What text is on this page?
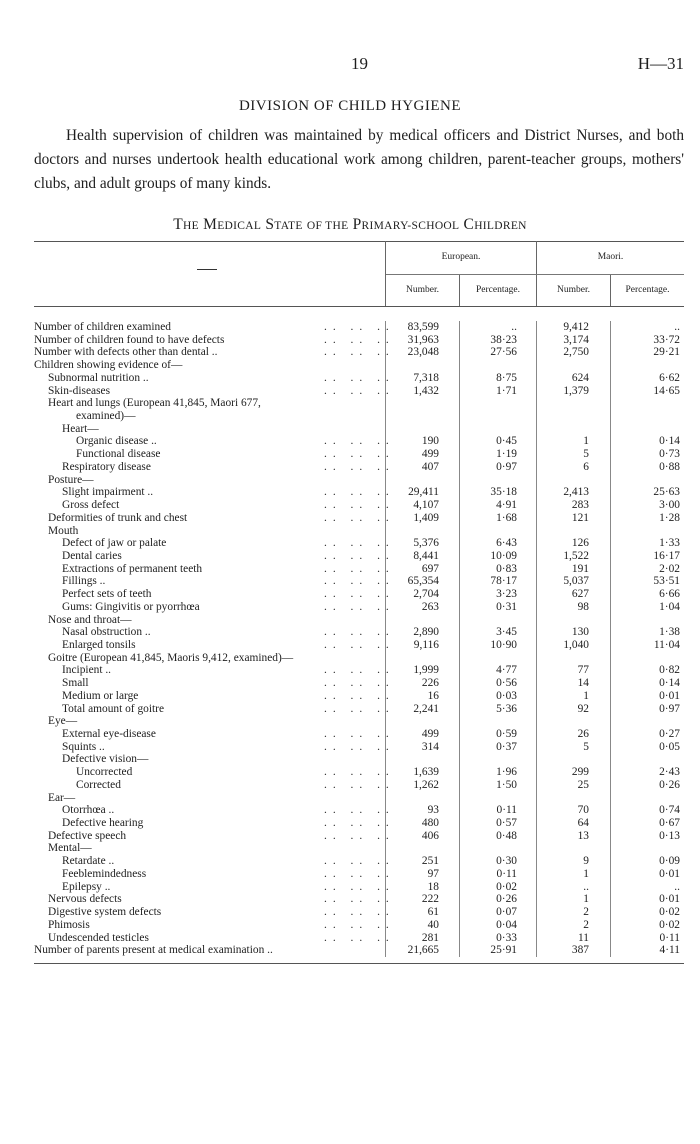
19	H—31
DIVISION OF CHILD HYGIENE
Health supervision of children was maintained by medical officers and District Nurses, and both doctors and nurses undertook health educational work among children, parent-teacher groups, mothers' clubs, and adult groups of many kinds.
THE MEDICAL STATE OF THE PRIMARY-SCHOOL CHILDREN
European.	Maori.
Number.	Percentage.	Number.	Percentage.
Number of children examined	.. .. ..	83,599	..	9,412	..
Number of children found to have defects	.. .. ..	31,963	38·23	3,174	33·72
Number with defects other than dental ..	.. .. ..	23,048	27·56	2,750	29·21
Children showing evidence of—
Subnormal nutrition ..	.. .. ..	7,318	8·75	624	6·62
Skin-diseases	.. .. ..	1,432	1·71	1,379	14·65
Heart and lungs (European 41,845, Maori 677,
examined)—
Heart—
Organic disease ..	.. .. ..	190	0·45	1	0·14
Functional disease	.. .. ..	499	1·19	5	0·73
Respiratory disease	.. .. ..	407	0·97	6	0·88
Posture—
Slight impairment ..	.. .. ..	29,411	35·18	2,413	25·63
Gross defect	.. .. ..	4,107	4·91	283	3·00
Deformities of trunk and chest	.. .. ..	1,409	1·68	121	1·28
Mouth
Defect of jaw or palate	.. .. ..	5,376	6·43	126	1·33
Dental caries	.. .. ..	8,441	10·09	1,522	16·17
Extractions of permanent teeth	.. .. ..	697	0·83	191	2·02
Fillings ..	.. .. ..	65,354	78·17	5,037	53·51
Perfect sets of teeth	.. .. ..	2,704	3·23	627	6·66
Gums: Gingivitis or pyorrhœa	.. .. ..	263	0·31	98	1·04
Nose and throat—
Nasal obstruction ..	.. .. ..	2,890	3·45	130	1·38
Enlarged tonsils	.. .. ..	9,116	10·90	1,040	11·04
Goitre (European 41,845, Maoris 9,412, examined)—
Incipient ..	.. .. ..	1,999	4·77	77	0·82
Small	.. .. ..	226	0·56	14	0·14
Medium or large	.. .. ..	16	0·03	1	0·01
Total amount of goitre	.. .. ..	2,241	5·36	92	0·97
Eye—
External eye-disease	.. .. ..	499	0·59	26	0·27
Squints ..	.. .. ..	314	0·37	5	0·05
Defective vision—
Uncorrected	.. .. ..	1,639	1·96	299	2·43
Corrected	.. .. ..	1,262	1·50	25	0·26
Ear—
Otorrhœa ..	.. .. ..	93	0·11	70	0·74
Defective hearing	.. .. ..	480	0·57	64	0·67
Defective speech	.. .. ..	406	0·48	13	0·13
Mental—
Retardate ..	.. .. ..	251	0·30	9	0·09
Feeblemindedness	.. .. ..	97	0·11	1	0·01
Epilepsy ..	.. .. ..	18	0·02	..	..
Nervous defects	.. .. ..	222	0·26	1	0·01
Digestive system defects	.. .. ..	61	0·07	2	0·02
Phimosis	.. .. ..	40	0·04	2	0·02
Undescended testicles	.. .. ..	281	0·33	11	0·11
Number of parents present at medical examination ..	21,665	25·91	387	4·11
